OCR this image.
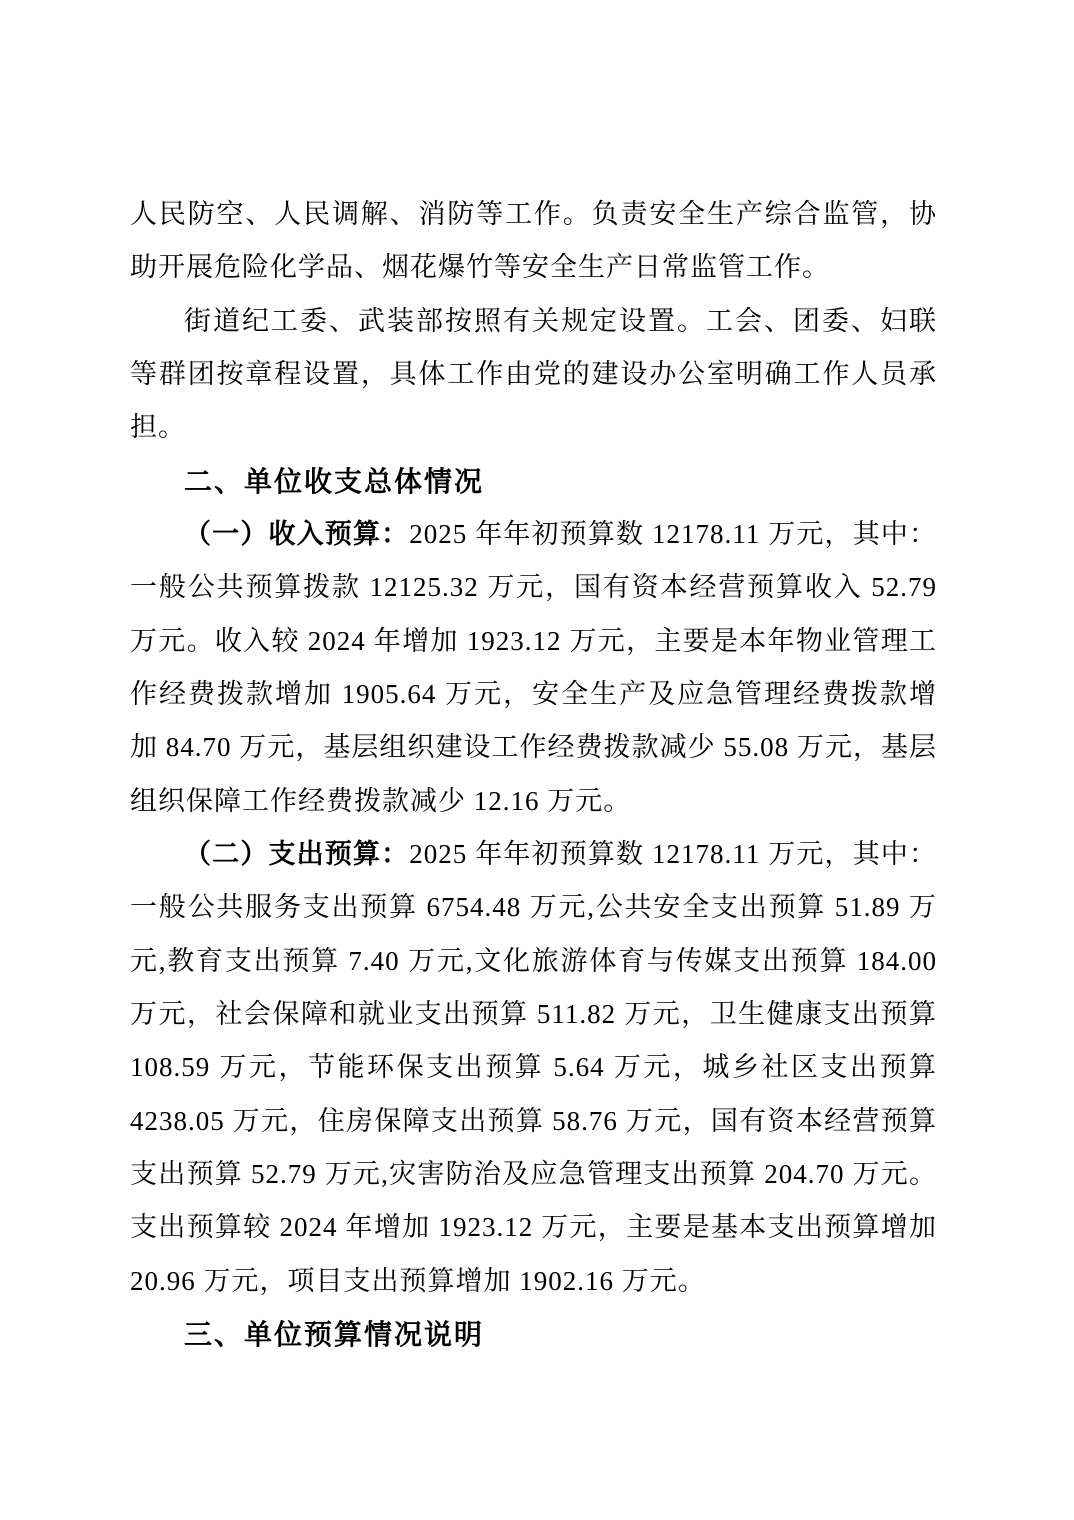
人民防空、人民调解、消防等工作。负责安全生产综合监管，协
助开展危险化学品、烟花爆竹等安全生产日常监管工作。
街道纪工委、武装部按照有关规定设置。工会、团委、妇联
等群团按章程设置，具体工作由党的建设办公室明确工作人员承
担。
二、单位收支总体情况
（一）收入预算：2025 年年初预算数 12178.11 万元，其中：
一般公共预算拨款 12125.32 万元，国有资本经营预算收入 52.79
万元。收入较 2024 年增加 1923.12 万元，主要是本年物业管理工
作经费拨款增加 1905.64 万元，安全生产及应急管理经费拨款增
加 84.70 万元，基层组织建设工作经费拨款减少 55.08 万元，基层
组织保障工作经费拨款减少 12.16 万元。
（二）支出预算：2025 年年初预算数 12178.11 万元，其中：
一般公共服务支出预算 6754.48 万元,公共安全支出预算 51.89 万
元,教育支出预算 7.40 万元,文化旅游体育与传媒支出预算 184.00
万元，社会保障和就业支出预算 511.82 万元，卫生健康支出预算
108.59 万元，节能环保支出预算 5.64 万元，城乡社区支出预算
4238.05 万元，住房保障支出预算 58.76 万元，国有资本经营预算
支出预算 52.79 万元,灾害防治及应急管理支出预算 204.70 万元。
支出预算较 2024 年增加 1923.12 万元，主要是基本支出预算增加
20.96 万元，项目支出预算增加 1902.16 万元。
三、单位预算情况说明
